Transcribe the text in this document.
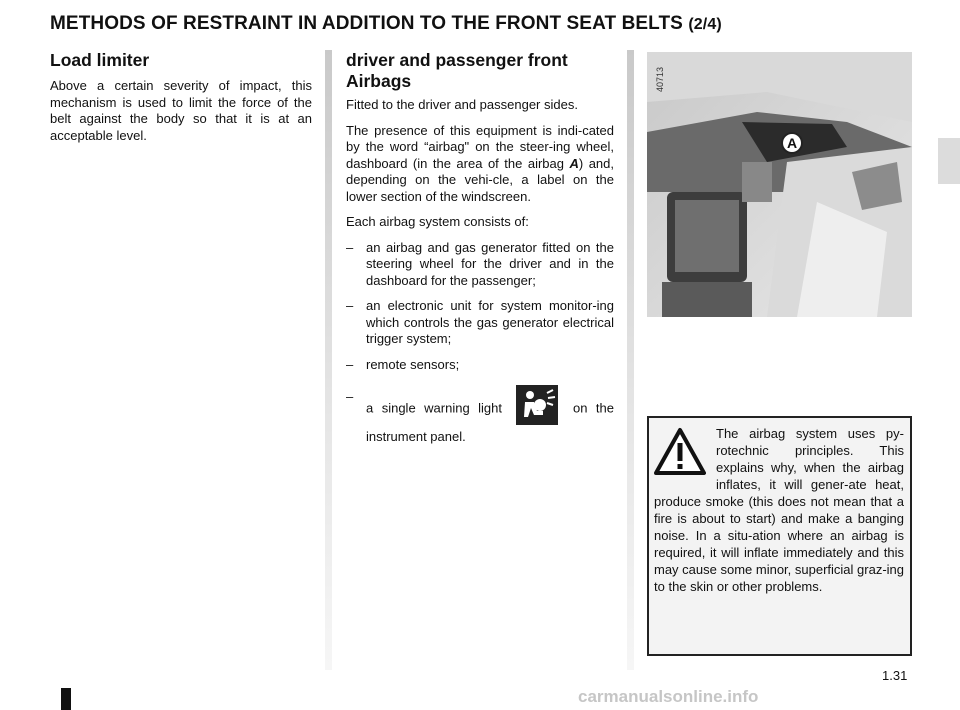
METHODS OF RESTRAINT IN ADDITION TO THE FRONT SEAT BELTS (2/4)
Load limiter
Above a certain severity of impact, this mechanism is used to limit the force of the belt against the body so that it is at an acceptable level.
driver and passenger front Airbags

Fitted to the driver and passenger sides.

The presence of this equipment is indi-cated by the word “airbag" on the steer-ing wheel, dashboard (in the area of the airbag A) and, depending on the vehi-cle, a label on the lower section of the windscreen.

Each airbag system consists of:

– an airbag and gas generator fitted on the steering wheel for the driver and in the dashboard for the passenger;
– an electronic unit for system monitor-ing which controls the gas generator electrical trigger system;
– remote sensors;
–
a single warning light	on the instrument panel.
40713
A
The airbag system uses py-rotechnic principles. This explains why, when the airbag inflates, it will gener-ate heat, produce smoke (this does not mean that a fire is about to start) and make a banging noise. In a situ-ation where an airbag is required, it will inflate immediately and this may cause some minor, superficial graz-ing to the skin or other problems.
1.31
carmanualsonline.info
